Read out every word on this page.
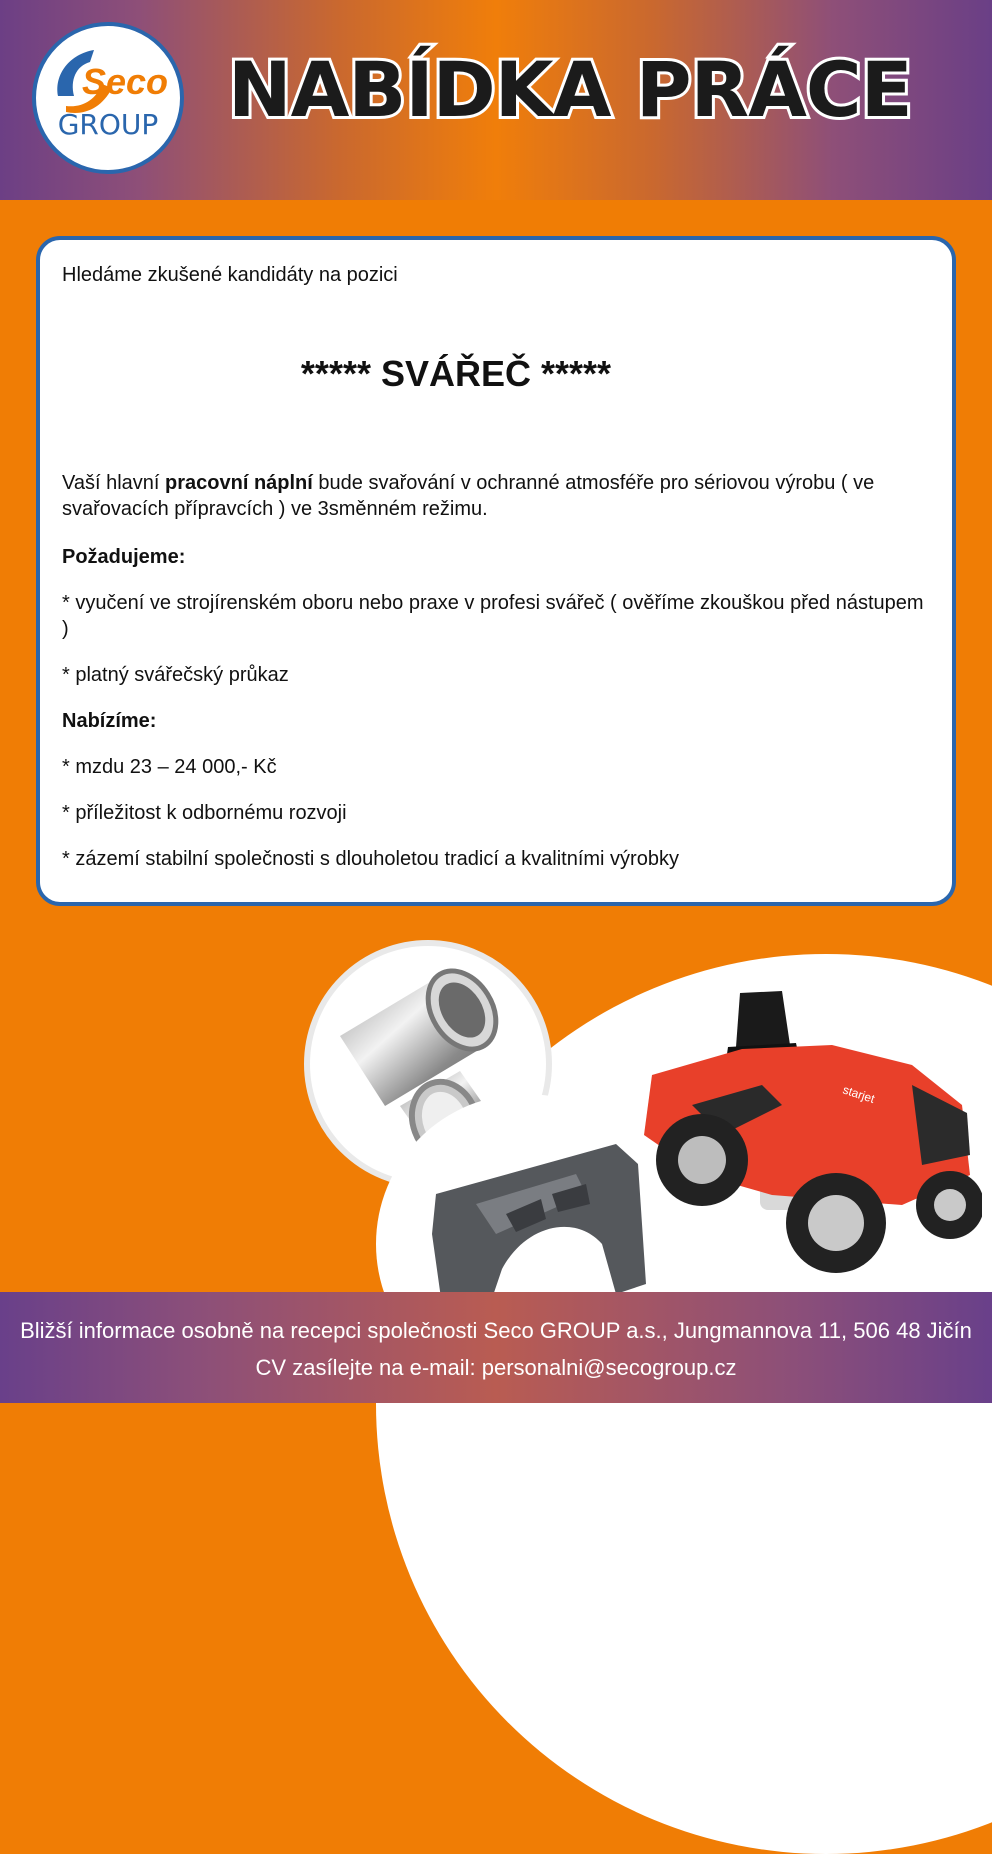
Seco
GROUP NABÍDKA PRÁCE

Hledáme zkušené kandidáty na pozici

***** SVÁŘEČ *****

Vaší hlavní pracovní náplní bude svařování v ochranné atmosféře pro sériovou výrobu ( ve svařovacích přípravcích ) ve 3směnném režimu.

Požadujeme:

* vyučení ve strojírenském oboru nebo praxe v profesi svářeč ( ověříme zkouškou před nástupem )

* platný svářečský průkaz

Nabízíme:

* mzdu 23 – 24 000,- Kč

* příležitost k odbornému rozvoji

* zázemí stabilní společnosti s dlouholetou tradicí a kvalitními výrobky

starjet
Bližší informace osobně na recepci společnosti Seco GROUP a.s., Jungmannova 11, 506 48 Jičín
CV zasílejte na e-mail: personalni@secogroup.cz
